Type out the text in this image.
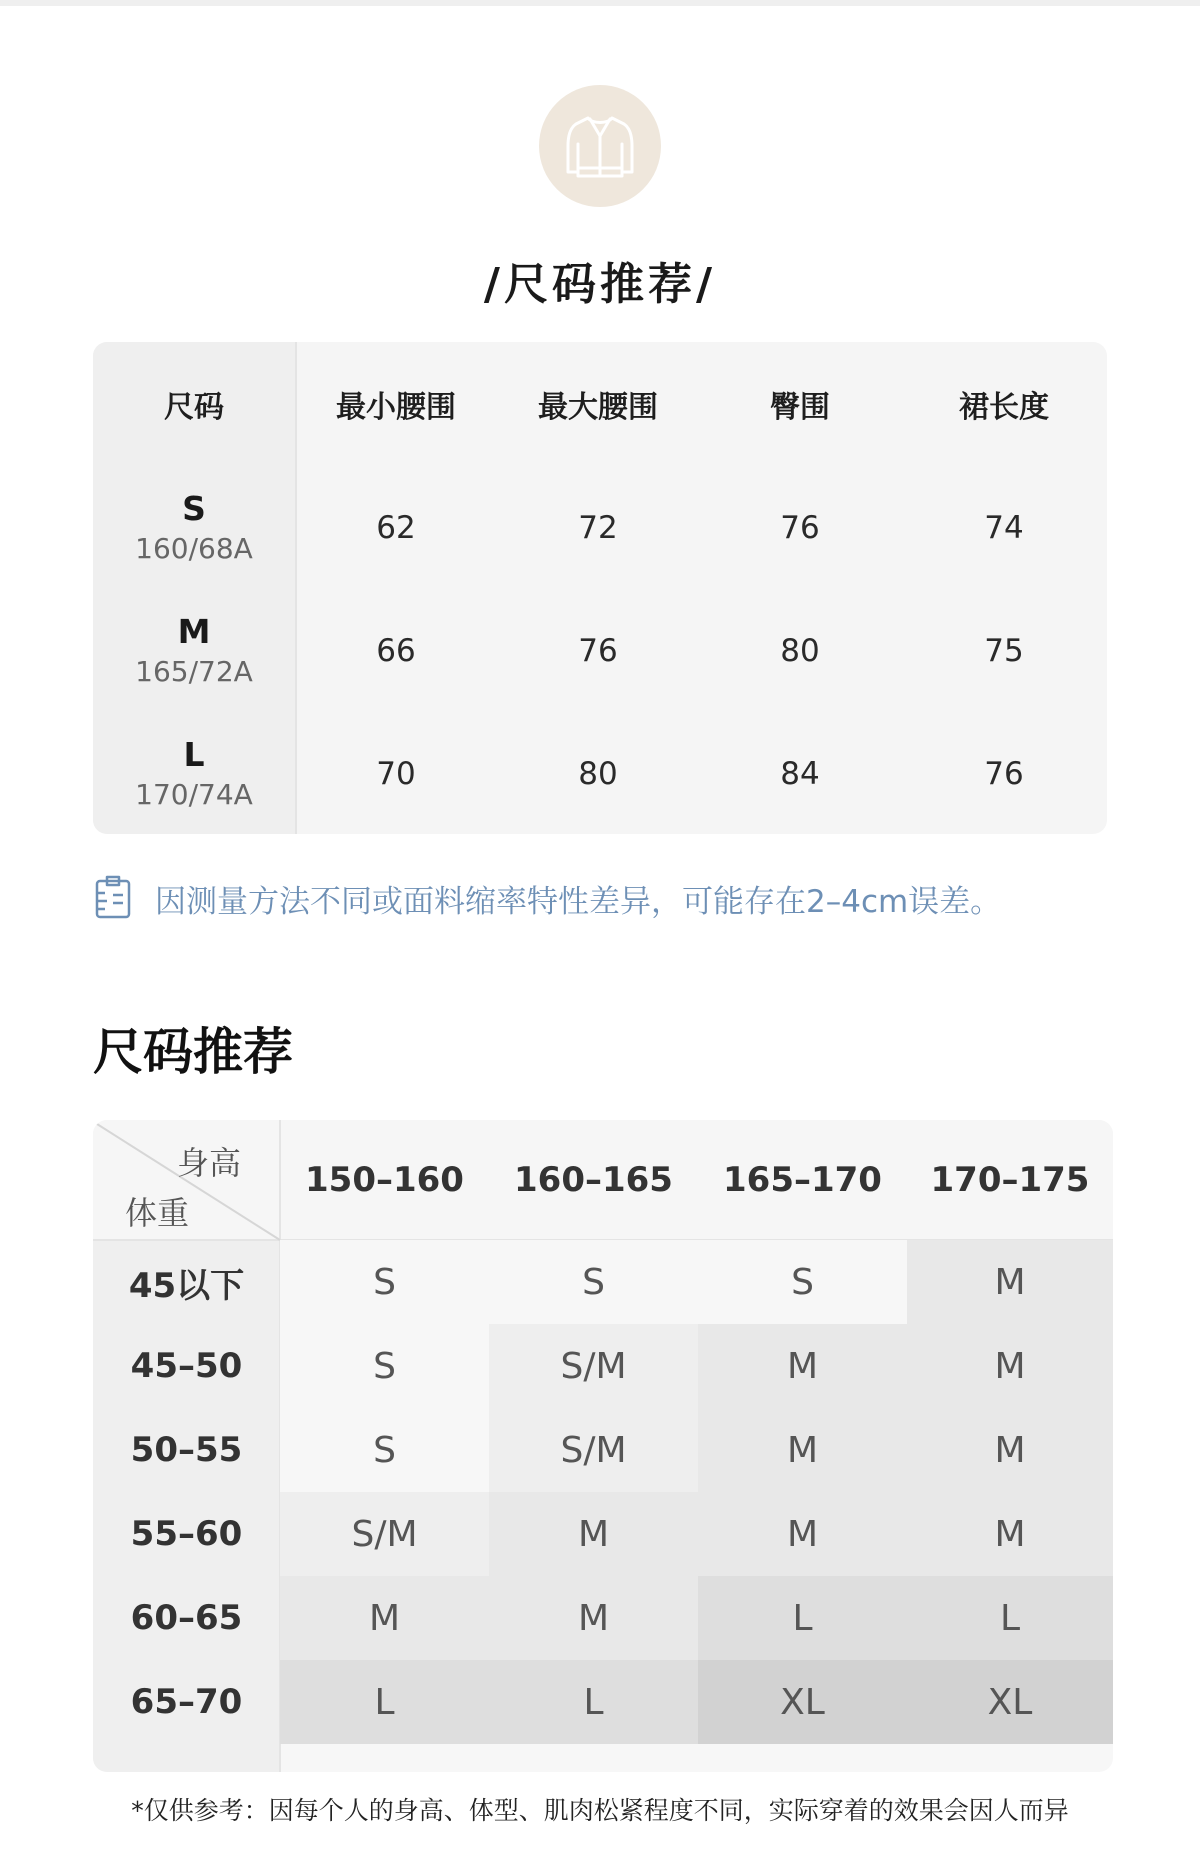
/尺码推荐/
尺码	最小腰围	最大腰围	臀围	裙长度
S
160/68A
62	72	76	74
M
165/72A
66	76	80	75
L
170/74A
70	80	84	76
因测量方法不同或面料缩率特性差异，可能存在2–4cm误差。
尺码推荐
身高
体重
150–160	160–165	165–170	170–175
45以下	S	S	S	M
45–50	S	S/M	M	M
50–55	S	S/M	M	M
55–60	S/M	M	M	M
60–65	M	M	L	L
65–70	L	L	XL	XL
*仅供参考：因每个人的身高、体型、肌肉松紧程度不同，实际穿着的效果会因人而异
